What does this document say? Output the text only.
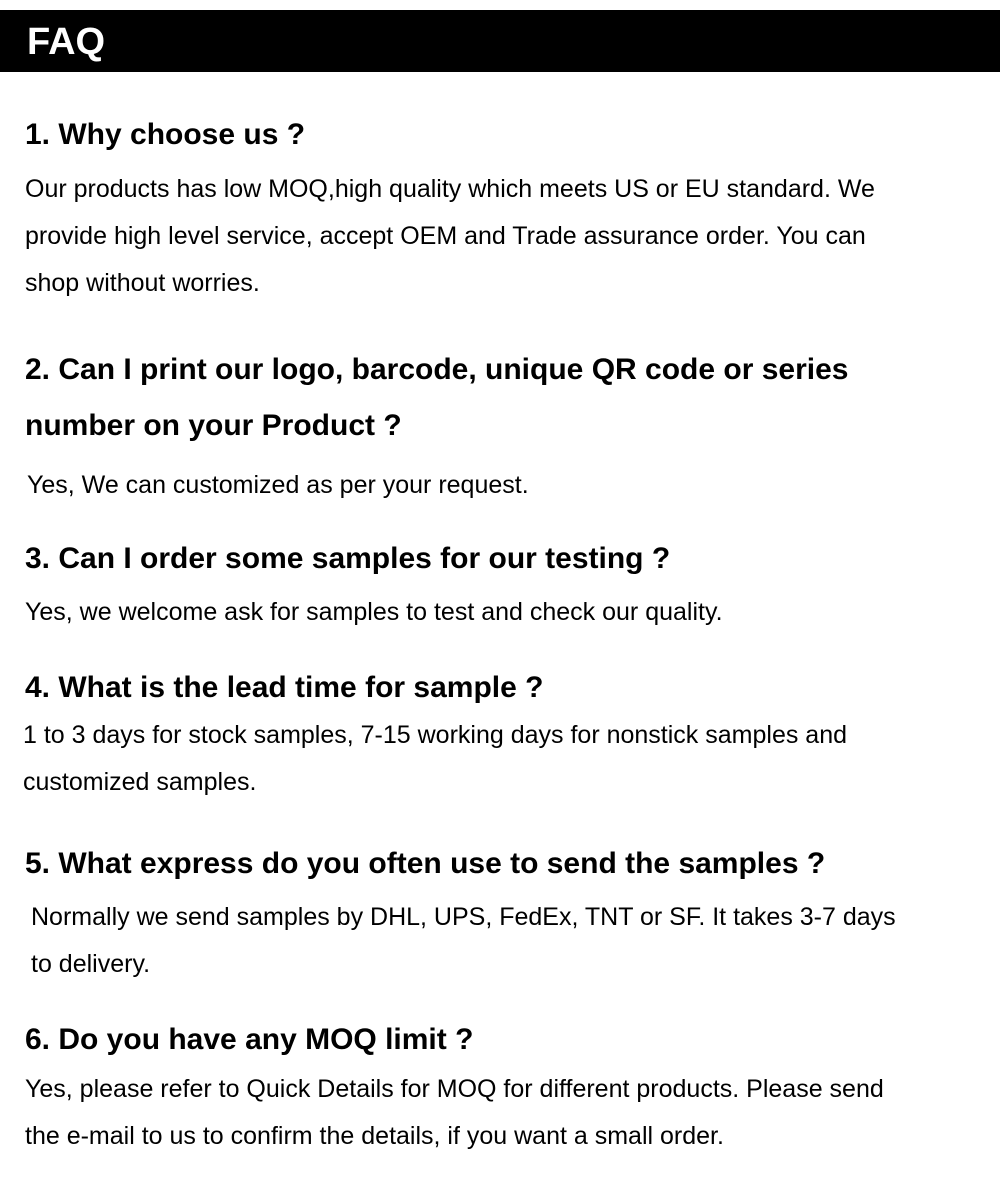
FAQ
1. Why choose us ?

Our products has low MOQ,high quality which meets US or EU standard. We

provide high level service, accept OEM and Trade assurance order. You can

shop without worries.

2. Can I print our logo, barcode, unique QR code or series
number on your Product ?

Yes, We can customized as per your request.

3. Can I order some samples for our testing ?

Yes, we welcome ask for samples to test and check our quality.

4. What is the lead time for sample ?

1 to 3 days for stock samples, 7-15 working days for nonstick samples and

customized samples.

5. What express do you often use to send the samples ?

Normally we send samples by DHL, UPS, FedEx, TNT or SF. It takes 3-7 days

to delivery.

6. Do you have any MOQ limit ?

Yes, please refer to Quick Details for MOQ for different products. Please send

the e-mail to us to confirm the details, if you want a small order.
